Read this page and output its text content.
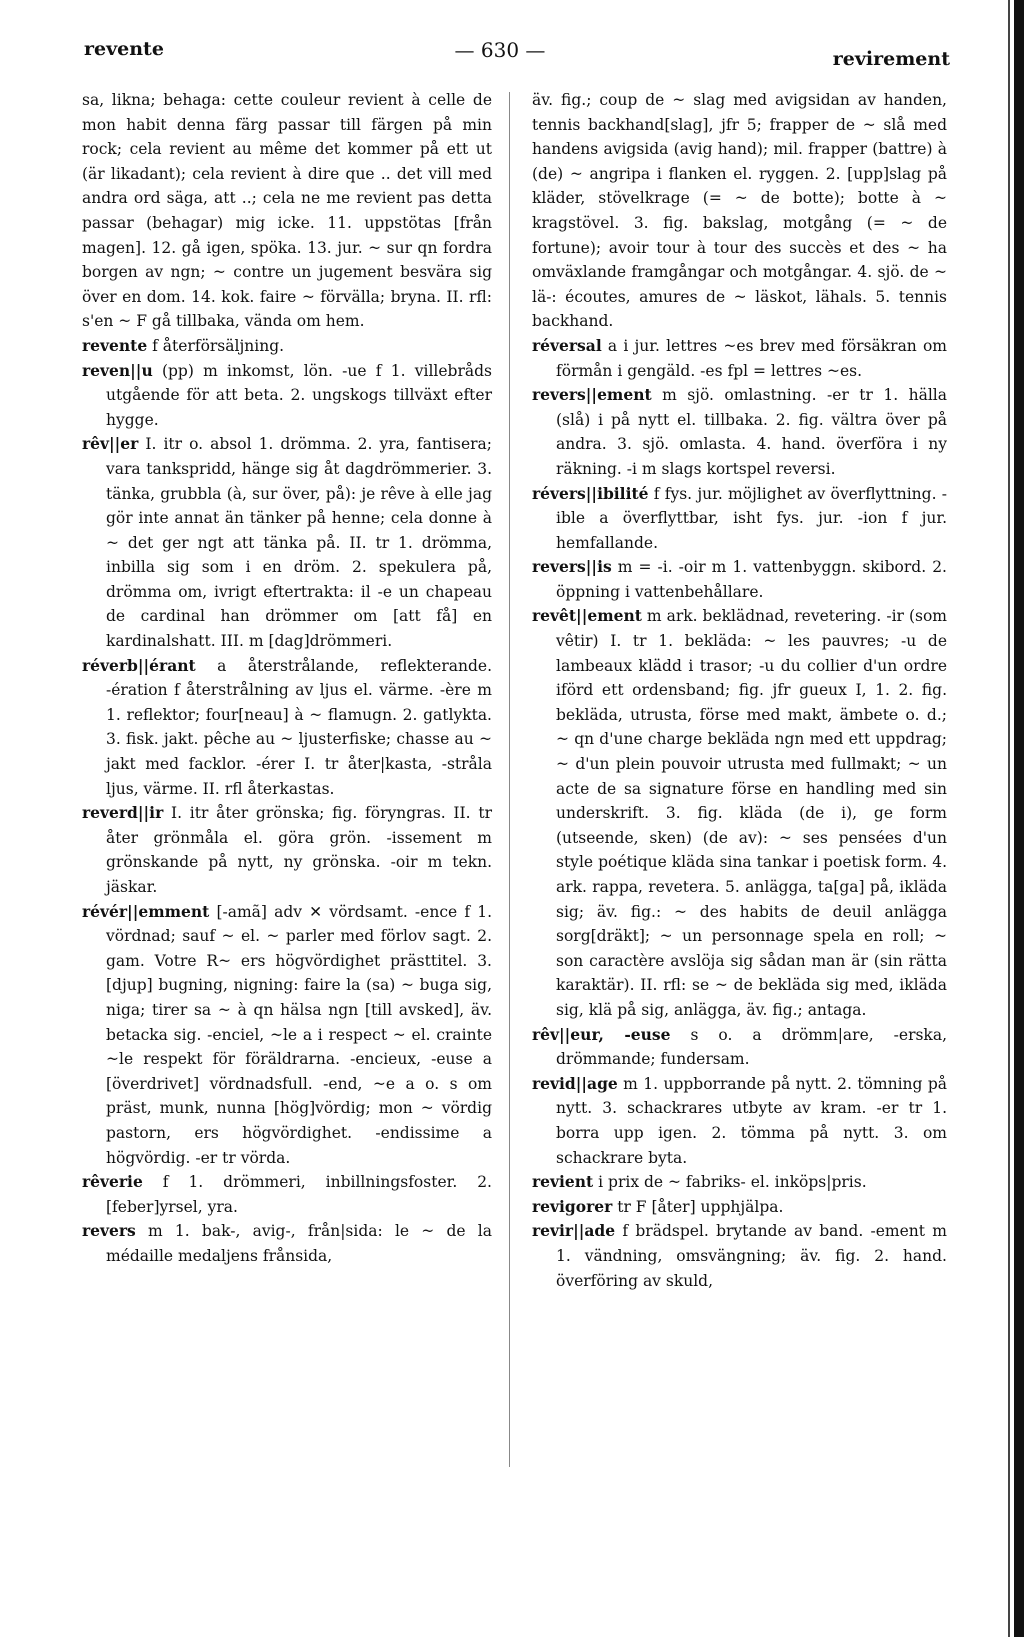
revente	— 630 —	revirement

sa, likna; behaga: cette couleur revient à celle de mon habit denna färg passar till färgen på min rock; cela revient au même det kommer på ett ut (är likadant); cela revient à dire que .. det vill med andra ord säga, att ..; cela ne me revient pas detta passar (behagar) mig icke. 11. uppstötas [från magen]. 12. gå igen, spöka. 13. jur. ~ sur qn fordra borgen av ngn; ~ contre un jugement besvära sig över en dom. 14. kok. faire ~ förvälla; bryna. II. rfl: s'en ~ F gå tillbaka, vända om hem.

revente f återförsäljning.

reven||u (pp) m inkomst, lön. -ue f 1. villebråds utgående för att beta. 2. ungskogs tillväxt efter hygge.

rêv||er I. itr o. absol 1. drömma. 2. yra, fantisera; vara tankspridd, hänge sig åt dagdrömmerier. 3. tänka, grubbla (à, sur över, på): je rêve à elle jag gör inte annat än tänker på henne; cela donne à ~ det ger ngt att tänka på. II. tr 1. drömma, inbilla sig som i en dröm. 2. spekulera på, drömma om, ivrigt eftertrakta: il -e un chapeau de cardinal han drömmer om [att få] en kardinalshatt. III. m [dag]drömmeri.

réverb||érant a återstrålande, reflekterande. -ération f återstrålning av ljus el. värme. -ère m 1. reflektor; four[neau] à ~ flamugn. 2. gatlykta. 3. fisk. jakt. pêche au ~ ljusterfiske; chasse au ~ jakt med facklor. -érer I. tr åter|kasta, -stråla ljus, värme. II. rfl återkastas.

reverd||ir I. itr åter grönska; fig. föryngras. II. tr åter grönmåla el. göra grön. -issement m grönskande på nytt, ny grönska. -oir m tekn. jäskar.

révér||emment [-amã] adv ✕ vördsamt. -ence f 1. vördnad; sauf ~ el. ~ parler med förlov sagt. 2. gam. Votre R~ ers högvördighet prästtitel. 3. [djup] bugning, nigning: faire la (sa) ~ buga sig, niga; tirer sa ~ à qn hälsa ngn [till avsked], äv. betacka sig. -enciel, ~le a i respect ~ el. crainte ~le respekt för föräldrarna. -encieux, -euse a [överdrivet] vördnadsfull. -end, ~e a o. s om präst, munk, nunna [hög]vördig; mon ~ vördig pastorn, ers högvördighet. -endissime a högvördig. -er tr vörda.

rêverie f 1. drömmeri, inbillningsfoster. 2. [feber]yrsel, yra.

revers m 1. bak-, avig-, från|sida: le ~ de la médaille medaljens frånsida,

äv. fig.; coup de ~ slag med avigsidan av handen, tennis backhand[slag], jfr 5; frapper de ~ slå med handens avigsida (avig hand); mil. frapper (battre) à (de) ~ angripa i flanken el. ryggen. 2. [upp]slag på kläder, stövelkrage (= ~ de botte); botte à ~ kragstövel. 3. fig. bakslag, motgång (= ~ de fortune); avoir tour à tour des succès et des ~ ha omväxlande framgångar och motgångar. 4. sjö. de ~ lä-: écoutes, amures de ~ läskot, lähals. 5. tennis backhand.

réversal a i jur. lettres ~es brev med försäkran om förmån i gengäld. -es fpl = lettres ~es.

revers||ement m sjö. omlastning. -er tr 1. hälla (slå) i på nytt el. tillbaka. 2. fig. vältra över på andra. 3. sjö. omlasta. 4. hand. överföra i ny räkning. -i m slags kortspel reversi.

révers||ibilité f fys. jur. möjlighet av överflyttning. -ible a överflyttbar, isht fys. jur. -ion f jur. hemfallande.

revers||is m = -i. -oir m 1. vattenbyggn. skibord. 2. öppning i vattenbehållare.

revêt||ement m ark. beklädnad, revetering. -ir (som vêtir) I. tr 1. bekläda: ~ les pauvres; -u de lambeaux klädd i trasor; -u du collier d'un ordre iförd ett ordensband; fig. jfr gueux I, 1. 2. fig. bekläda, utrusta, förse med makt, ämbete o. d.; ~ qn d'une charge bekläda ngn med ett uppdrag; ~ d'un plein pouvoir utrusta med fullmakt; ~ un acte de sa signature förse en handling med sin underskrift. 3. fig. kläda (de i), ge form (utseende, sken) (de av): ~ ses pensées d'un style poétique kläda sina tankar i poetisk form. 4. ark. rappa, revetera. 5. anlägga, ta[ga] på, ikläda sig; äv. fig.: ~ des habits de deuil anlägga sorg[dräkt]; ~ un personnage spela en roll; ~ son caractère avslöja sig sådan man är (sin rätta karaktär). II. rfl: se ~ de bekläda sig med, ikläda sig, klä på sig, anlägga, äv. fig.; antaga.

rêv||eur, -euse s o. a drömm|are, -erska, drömmande; fundersam.

revid||age m 1. uppborrande på nytt. 2. tömning på nytt. 3. schackrares utbyte av kram. -er tr 1. borra upp igen. 2. tömma på nytt. 3. om schackrare byta.

revient i prix de ~ fabriks- el. inköps|pris.

revigorer tr F [åter] upphjälpa.

revir||ade f brädspel. brytande av band. -ement m 1. vändning, omsvängning; äv. fig. 2. hand. överföring av skuld,
